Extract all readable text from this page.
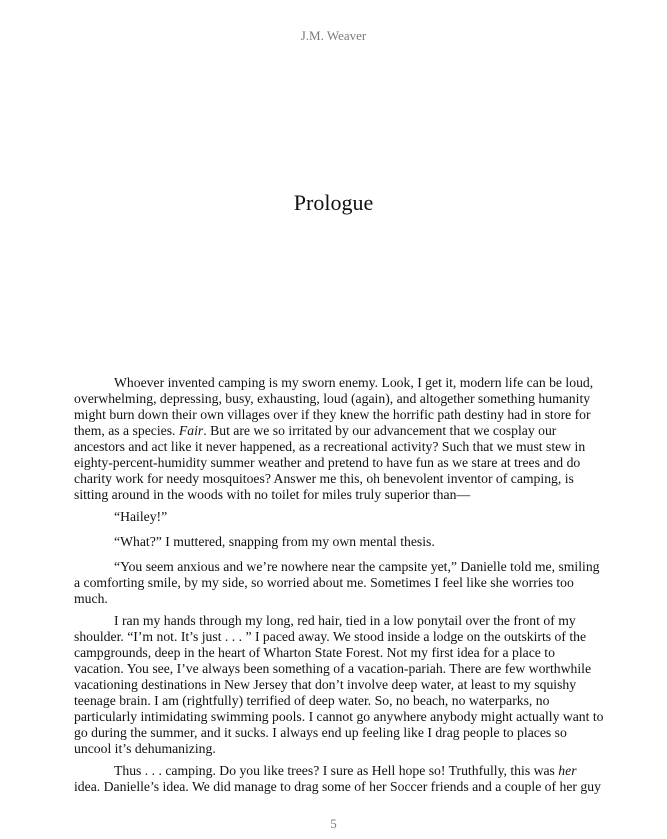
J.M. Weaver
Prologue

Whoever invented camping is my sworn enemy. Look, I get it, modern life can be loud, overwhelming, depressing, busy, exhausting, loud (again), and altogether something humanity might burn down their own villages over if they knew the horrific path destiny had in store for them, as a species. Fair. But are we so irritated by our advancement that we cosplay our ancestors and act like it never happened, as a recreational activity? Such that we must stew in eighty-percent-humidity summer weather and pretend to have fun as we stare at trees and do charity work for needy mosquitoes? Answer me this, oh benevolent inventor of camping, is sitting around in the woods with no toilet for miles truly superior than—

“Hailey!”

“What?” I muttered, snapping from my own mental thesis.

“You seem anxious and we’re nowhere near the campsite yet,” Danielle told me, smiling a comforting smile, by my side, so worried about me. Sometimes I feel like she worries too much.

I ran my hands through my long, red hair, tied in a low ponytail over the front of my shoulder. “I’m not. It’s just . . . ” I paced away. We stood inside a lodge on the outskirts of the campgrounds, deep in the heart of Wharton State Forest. Not my first idea for a place to vacation. You see, I’ve always been something of a vacation-pariah. There are few worthwhile vacationing destinations in New Jersey that don’t involve deep water, at least to my squishy teenage brain. I am (rightfully) terrified of deep water. So, no beach, no waterparks, no particularly intimidating swimming pools. I cannot go anywhere anybody might actually want to go during the summer, and it sucks. I always end up feeling like I drag people to places so uncool it’s dehumanizing.

Thus . . . camping. Do you like trees? I sure as Hell hope so! Truthfully, this was her idea. Danielle’s idea. We did manage to drag some of her Soccer friends and a couple of her guy

5
